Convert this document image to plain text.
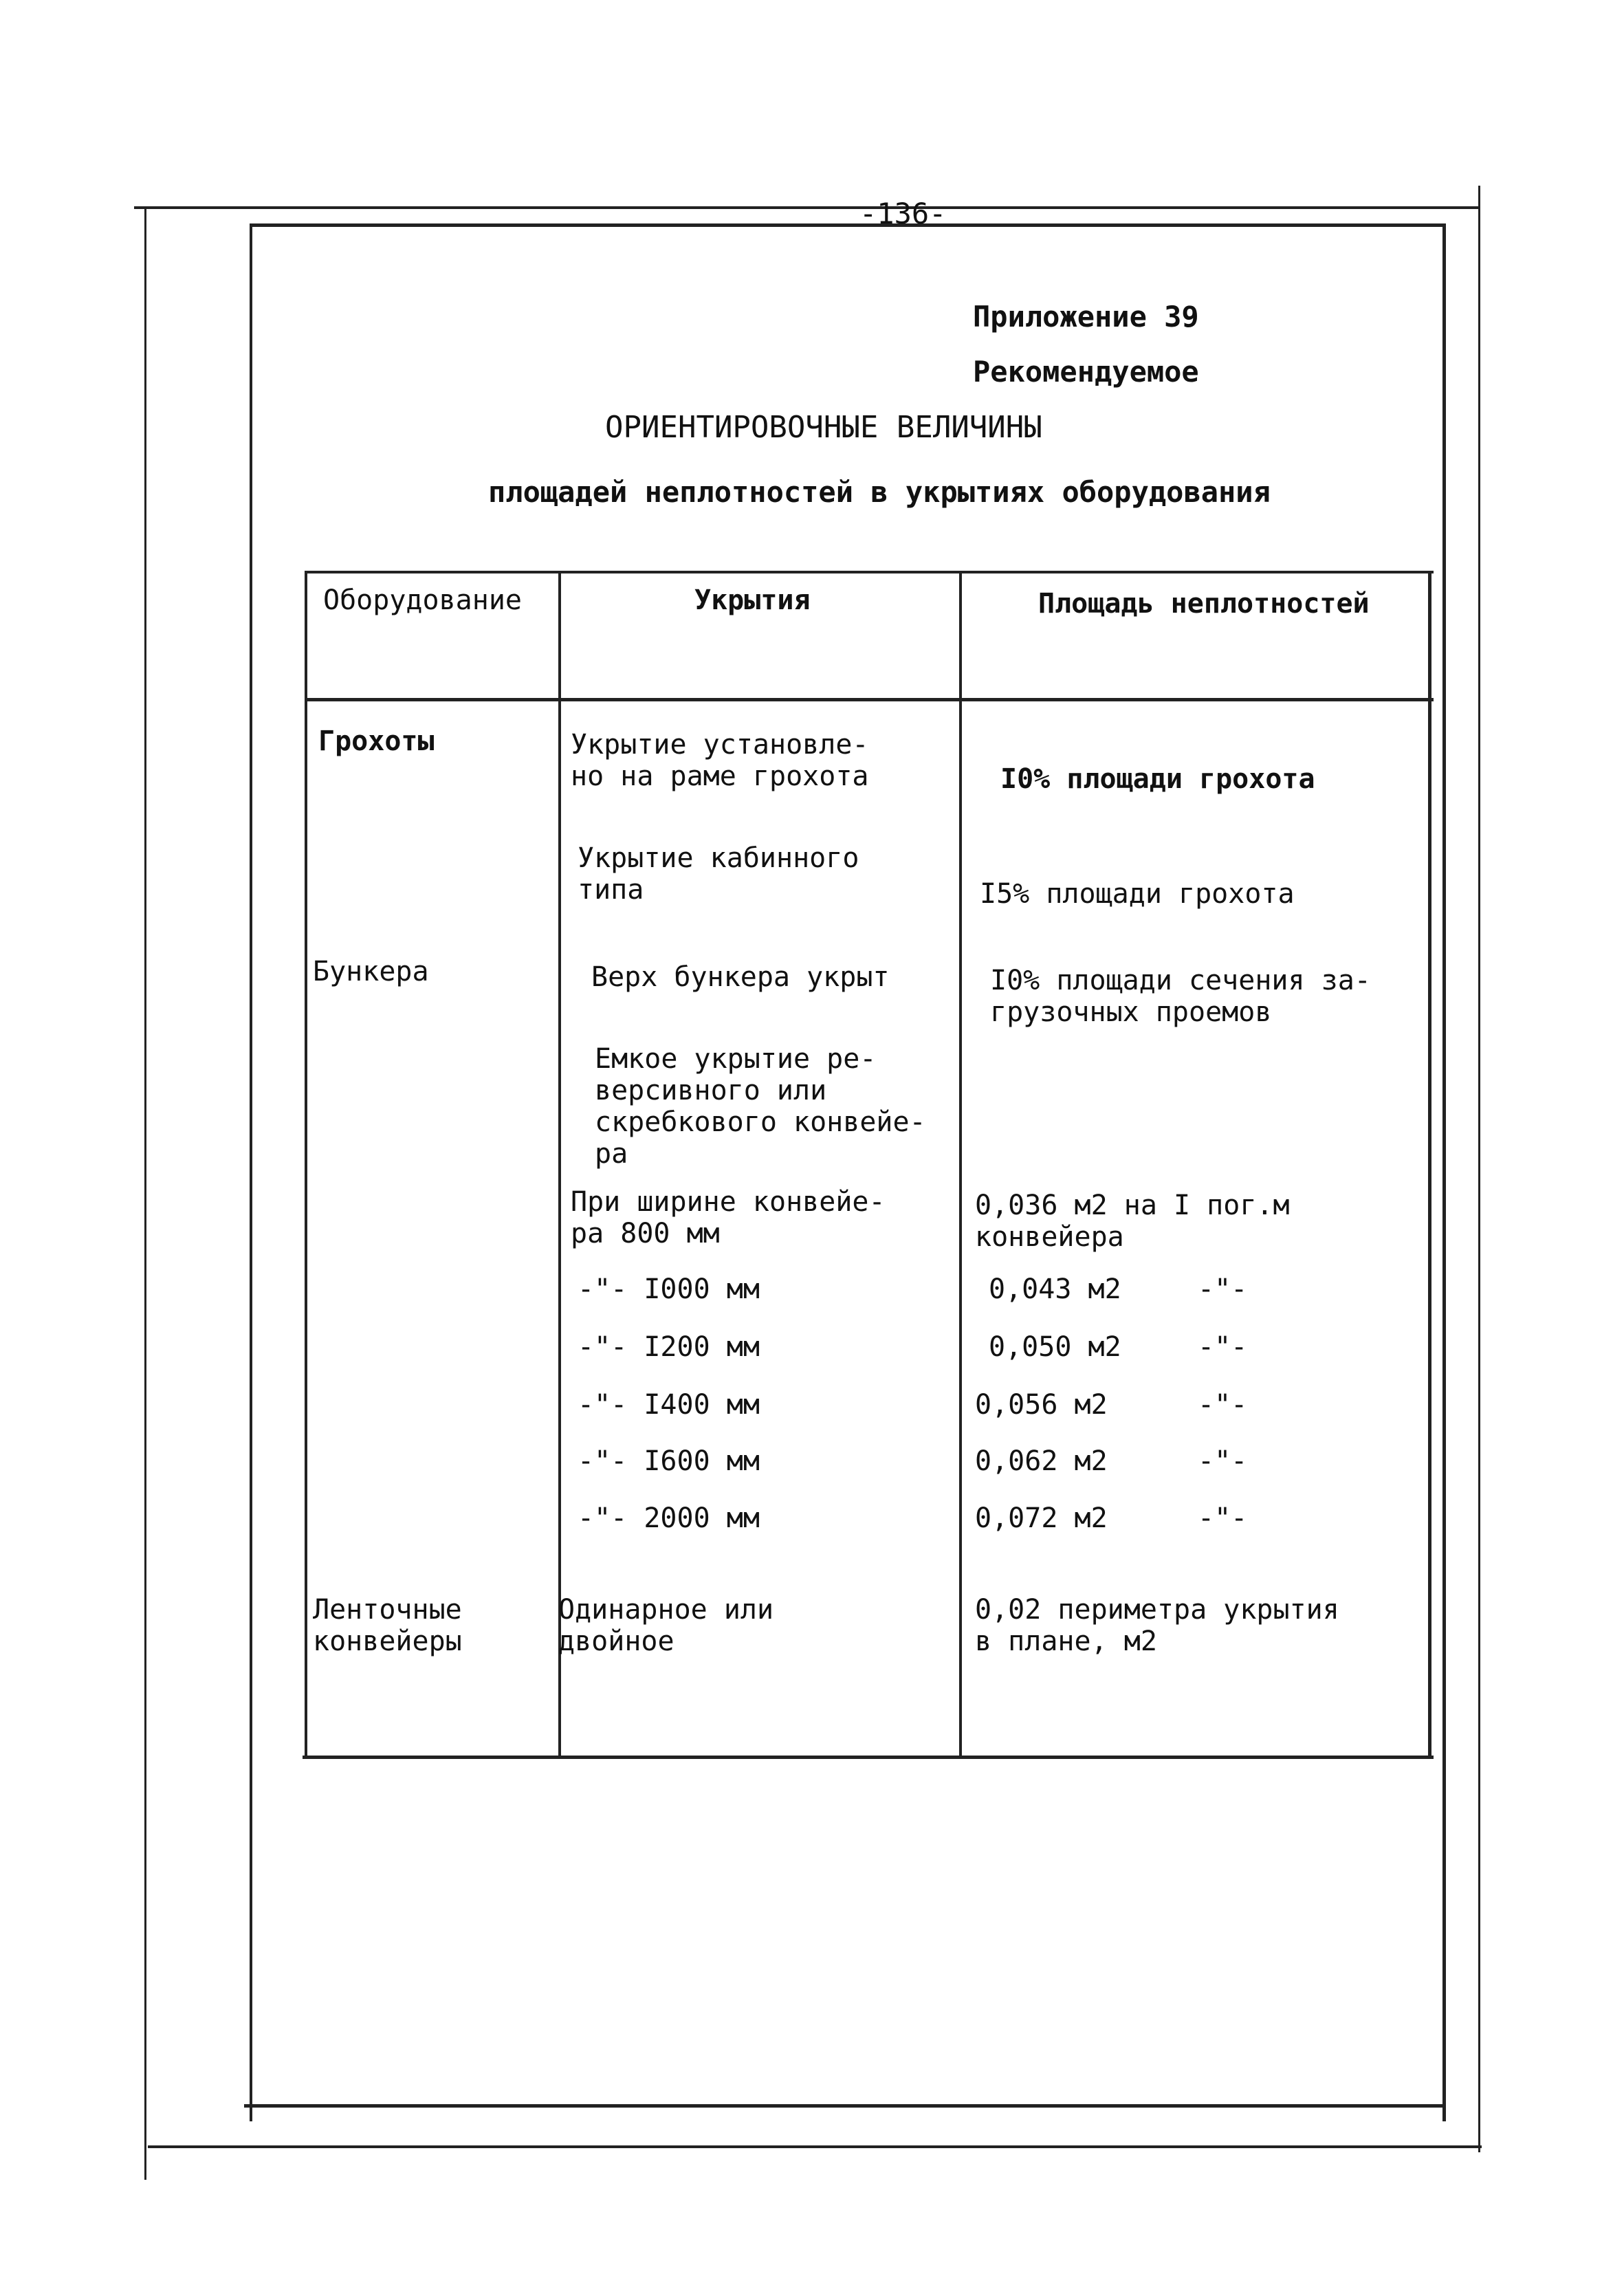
-136-
Приложение 39
Рекомендуемое
ОРИЕНТИРОВОЧНЫЕ ВЕЛИЧИНЫ
площадей неплотностей в укрытиях оборудования
Оборудование	Укрытия	Площадь неплотностей
Грохоты
Бункера
Ленточные
конвейеры
Укрытие установле-
но на раме грохота
Укрытие кабинного
типа
Верх бункера укрыт
Емкое укрытие ре-
версивного или
скребкового конвейе-
ра
При ширине конвейе-
ра 800 мм
-"- I000 мм
-"- I200 мм
-"- I400 мм
-"- I600 мм
-"- 2000 мм
Одинарное или
двойное
I0% площади грохота
I5% площади грохота
I0% площади сечения за-
грузочных проемов
0,036 м2 на I пог.м
конвейера
0,043 м2
0,050 м2
0,056 м2
0,062 м2
0,072 м2
0,02 периметра укрытия
в плане, м2
-"-
-"-
-"-
-"-
-"-
